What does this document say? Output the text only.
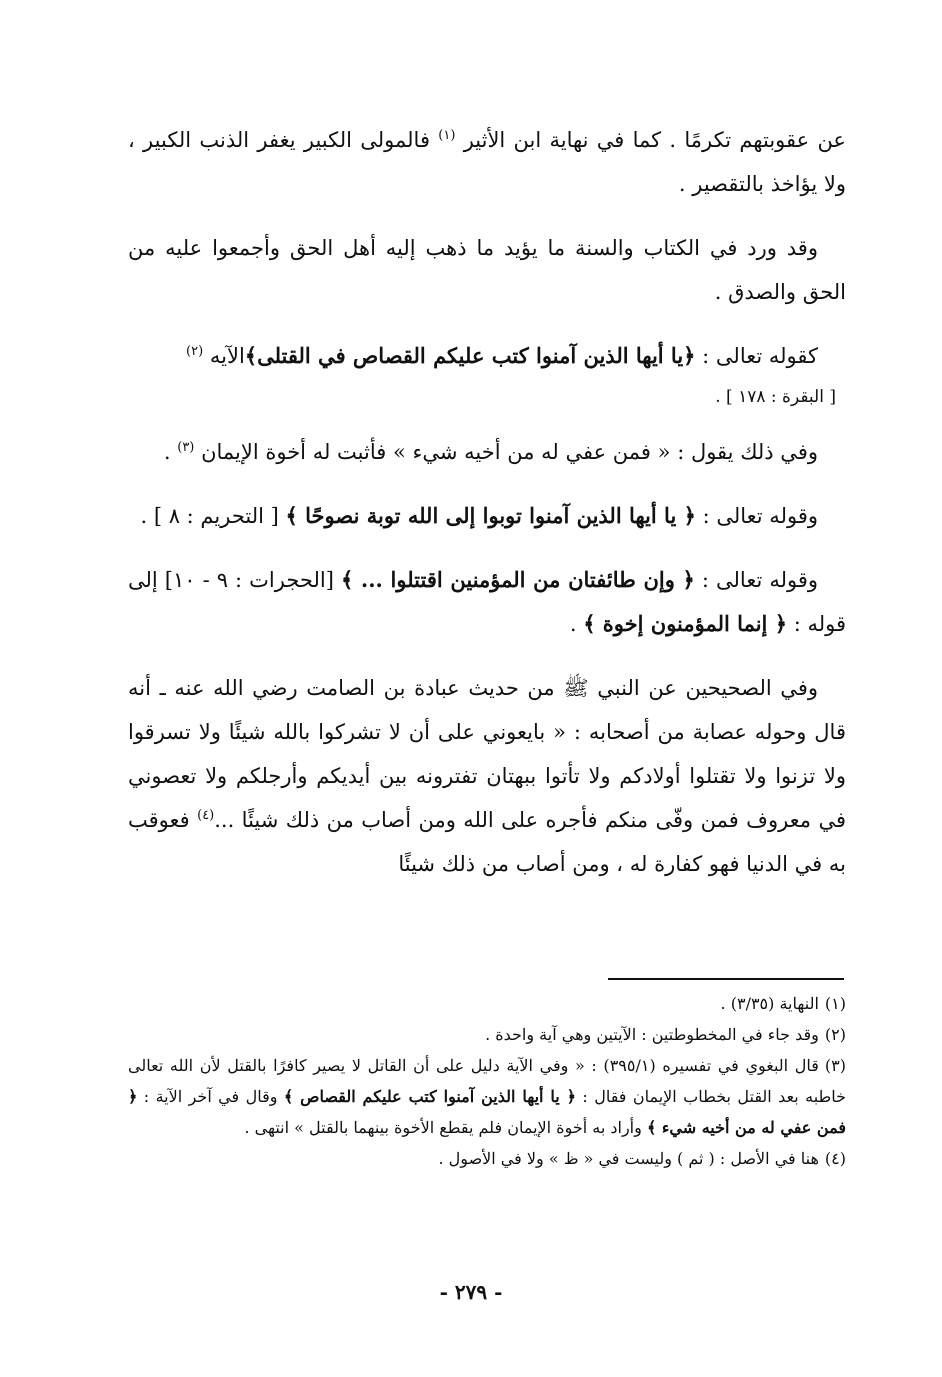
عن عقوبتهم تكرمًا . كما في نهاية ابن الأثير $^{(١)}$ فالمولى الكبير يغفر الذنب الكبير ، ولا يؤاخذ بالتقصير .

وقد ورد في الكتاب والسنة ما يؤيد ما ذهب إليه أهل الحق وأجمعوا عليه من الحق والصدق .

كقوله تعالى : ﴿يا أيها الذين آمنوا كتب عليكم القصاص في القتلى﴾الآيه $^{(٢)}$

[ البقرة : ١٧٨ ] .

وفي ذلك يقول : « فمن عفي له من أخيه شيء » فأثبت له أخوة الإيمان $^{(٣)}$ .

وقوله تعالى : ﴿ يا أيها الذين آمنوا توبوا إلى الله توبة نصوحًا ﴾ [ التحريم : ٨ ] .

وقوله تعالى : ﴿ وإن طائفتان من المؤمنين اقتتلوا ... ﴾ [الحجرات : ٩ - ١٠] إلى قوله : ﴿ إنما المؤمنون إخوة ﴾ .

وفي الصحيحين عن النبي ﷺ من حديث عبادة بن الصامت رضي الله عنه ـ أنه قال وحوله عصابة من أصحابه : « بايعوني على أن لا تشركوا بالله شيئًا ولا تسرقوا ولا تزنوا ولا تقتلوا أولادكم ولا تأتوا ببهتان تفترونه بين أيديكم وأرجلكم ولا تعصوني في معروف فمن وفّى منكم فأجره على الله ومن أصاب من ذلك شيئًا ...$^{(٤)}$ فعوقب به في الدنيا فهو كفارة له ، ومن أصاب من ذلك شيئًا

(١)النهاية (٣/٣٥) .

(٢)وقد جاء في المخطوطتين : الآيتين وهي آية واحدة .

(٣)قال البغوي في تفسيره (٣٩٥/١) : « وفي الآية دليل على أن القاتل لا يصير كافرًا بالقتل لأن الله تعالى خاطبه بعد القتل بخطاب الإيمان فقال : ﴿ يا أيها الذين آمنوا كتب عليكم القصاص ﴾ وقال في آخر الآية : ﴿ فمن عفي له من أخيه شيء ﴾ وأراد به أخوة الإيمان فلم يقطع الأخوة بينهما بالقتل » انتهى .

(٤)هنا في الأصل : ( ثم ) وليست في « ظ » ولا في الأصول .

- ٢٧٩ -
